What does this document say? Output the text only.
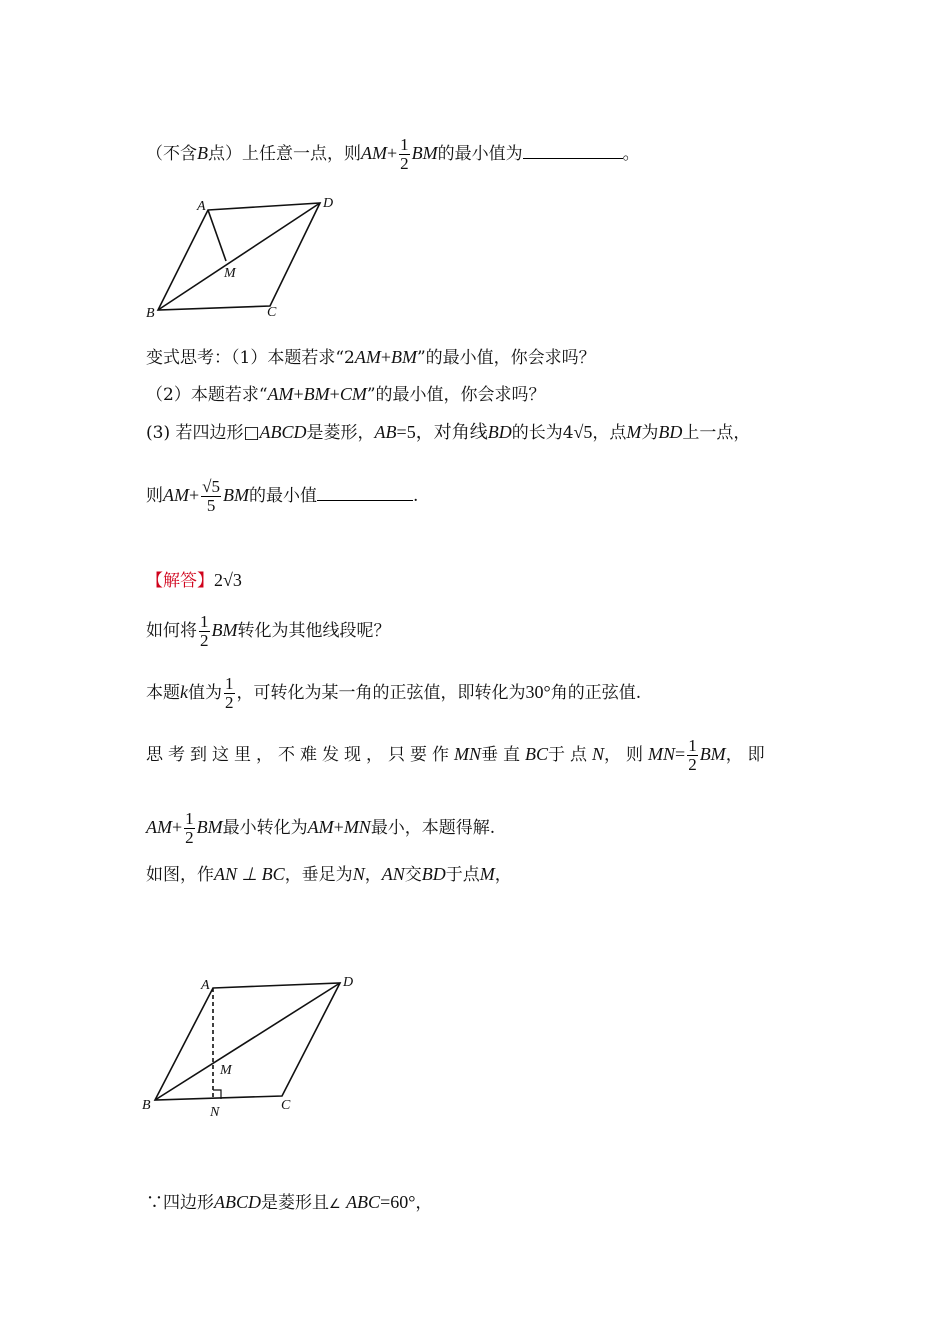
（不含B点）上任意一点，则$AM+ \frac{1}{2}$ BM的最小值为	。
A	D
M
B	C
变式思考：（1）本题若求“2AM+BM”的最小值，你会求吗？
（2）本题若求“AM+BM+CM”的最小值，你会求吗？
(3) 若四边形□ABCD是菱形，AB=5，对角线BD的长为4√5，点M为BD上一点，
则$AM+ \frac{√5}{5}$ BM的最小值	.
【解答】2√3
如何将 $\frac{1}{2}$ BM转化为其他线段呢？
本题k值为 $\frac{1}{2}$ ，可转化为某一角的正弦值，即转化为30°角的正弦值.
思考到这里，不难发现，只要作MN垂直BC于点N，则$MN= \frac{1}{2}$ BM，即
$AM+ \frac{1}{2}$ BM最小转化为AM+MN最小，本题得解.
如图，作AN ⊥ BC，垂足为N，AN交BD于点M，
A	D
M
B	N	C
∵四边形ABCD是菱形且∠ ABC=60°，
